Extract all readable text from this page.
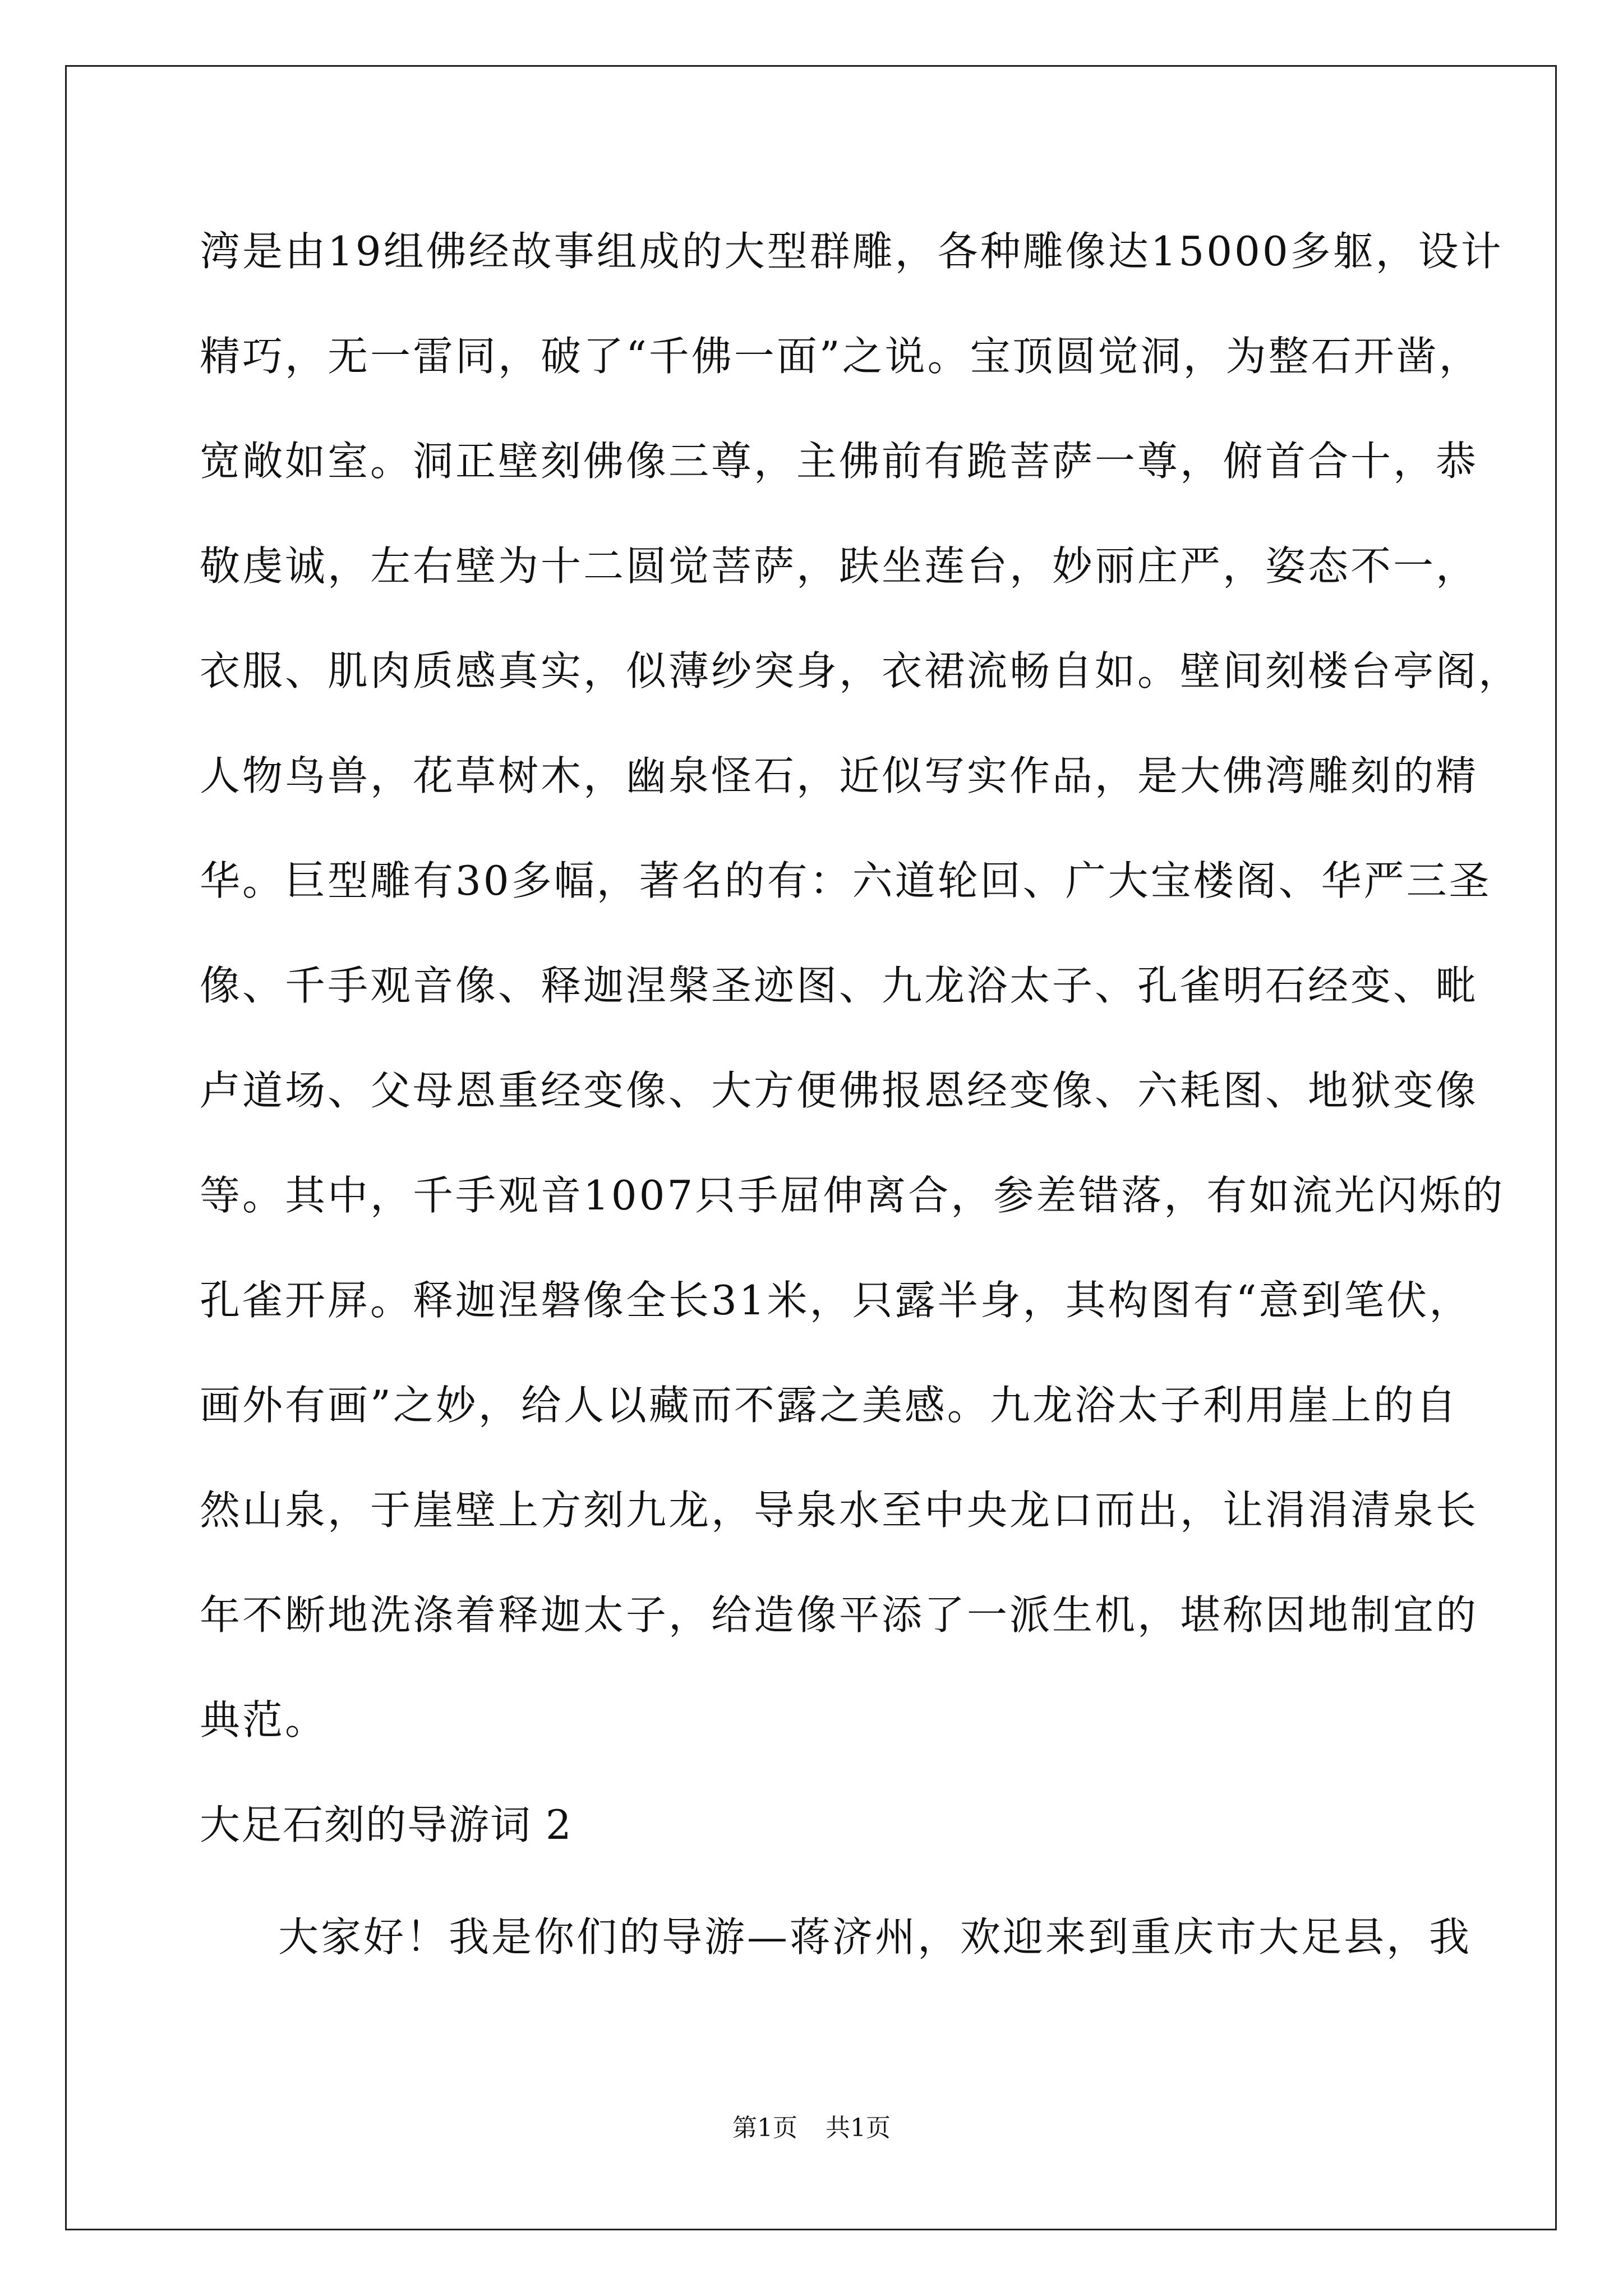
湾是由19组佛经故事组成的大型群雕，各种雕像达15000多躯，设计
精巧，无一雷同，破了“千佛一面”之说。宝顶圆觉洞，为整石开凿，
宽敞如室。洞正壁刻佛像三尊，主佛前有跪菩萨一尊，俯首合十，恭
敬虔诚，左右壁为十二圆觉菩萨，趺坐莲台，妙丽庄严，姿态不一，
衣服、肌肉质感真实，似薄纱突身，衣裙流畅自如。壁间刻楼台亭阁，
人物鸟兽，花草树木，幽泉怪石，近似写实作品，是大佛湾雕刻的精
华。巨型雕有30多幅，著名的有：六道轮回、广大宝楼阁、华严三圣
像、千手观音像、释迦涅槃圣迹图、九龙浴太子、孔雀明石经变、毗
卢道场、父母恩重经变像、大方便佛报恩经变像、六耗图、地狱变像
等。其中，千手观音1007只手屈伸离合，参差错落，有如流光闪烁的
孔雀开屏。释迦涅磐像全长31米，只露半身，其构图有“意到笔伏，
画外有画”之妙，给人以藏而不露之美感。九龙浴太子利用崖上的自
然山泉，于崖壁上方刻九龙，导泉水至中央龙口而出，让涓涓清泉长
年不断地洗涤着释迦太子，给造像平添了一派生机，堪称因地制宜的
典范。
大足石刻的导游词 2
大家好！我是你们的导游—蒋济州，欢迎来到重庆市大足县，我
第1页 共1页
